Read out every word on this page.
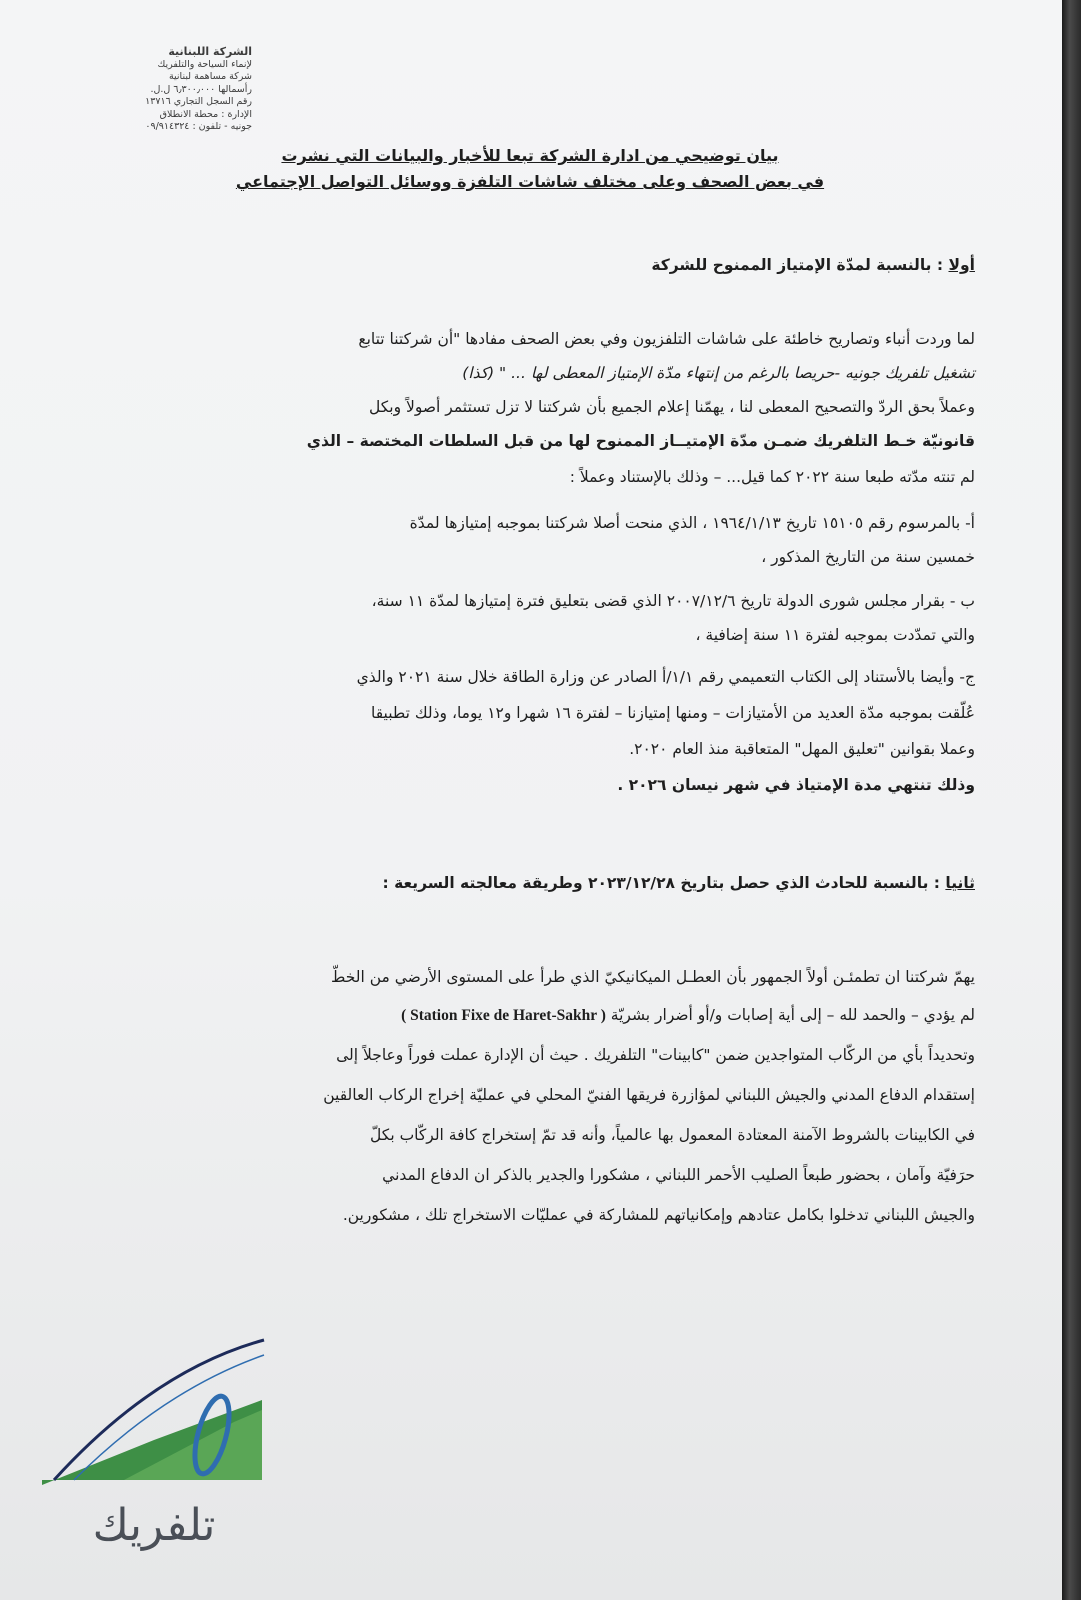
الشركة اللبنانية
لإنماء السياحة والتلفريك
شركة مساهمة لبنانية
رأسمالها ٦٫٣٠٠٫٠٠٠ ل.ل.
رقم السجل التجاري ١٣٧١٦
الإدارة : محطة الانطلاق
جونيه - تلفون : ٠٩/٩١٤٣٢٤
بيان توضيحي من ادارة الشركة تبعا للأخبار والبيانات التي نشرت
في بعض الصحف وعلى مختلف شاشات التلفزة ووسائل التواصل الإجتماعي
أولا : بالنسبة لمدّة الإمتياز الممنوح للشركة
لما وردت أنباء وتصاريح خاطئة على شاشات التلفزيون وفي بعض الصحف مفادها "أن شركتنا تتابع
تشغيل تلفريك جونيه -حريصا بالرغم من إنتهاء مدّة الإمتياز المعطى لها ... " (كذا)
وعملاً بحق الردّ والتصحيح المعطى لنا ، يهمّنا إعلام الجميع بأن شركتنا لا تزل تستثمر أصولاً وبكل
قانونيّة خـط التلفريك ضمـن مدّة الإمتيــاز الممنوح لها من قبل السلطات المختصة – الذي
لم تنته مدّته طبعا سنة ٢٠٢٢ كما قيل... – وذلك بالإستناد وعملاً :
أ- بالمرسوم رقم ١٥١٠٥ تاريخ ١٩٦٤/١/١٣ ، الذي منحت أصلا شركتنا بموجبه إمتيازها لمدّة
خمسين سنة من التاريخ المذكور ،
ب - بقرار مجلس شورى الدولة تاريخ ٢٠٠٧/١٢/٦ الذي قضى بتعليق فترة إمتيازها لمدّة ١١ سنة،
والتي تمدّدت بموجبه لفترة ١١ سنة إضافية ،
ج- وأيضا بالأستناد إلى الكتاب التعميمي رقم ١/١/أ الصادر عن وزارة الطاقة خلال سنة ٢٠٢١ والذي
عُلّقت بموجبه مدّة العديد من الأمتيازات – ومنها إمتيازنا – لفترة ١٦ شهرا و١٢ يوما، وذلك تطبيقا
وعملا بقوانين "تعليق المهل" المتعاقبة منذ العام ٢٠٢٠.
وذلك تنتهي مدة الإمتياذ في شهر نيسان ٢٠٢٦ .
ثانيا : بالنسبة للحادث الذي حصل بتاريخ ٢٠٢٣/١٢/٢٨ وطريقة معالجته السريعة :
يهمّ شركتنا ان تطمئـن أولاً الجمهور بأن العطـل الميكانيكيّ الذي طرأ على المستوى الأرضي من الخطّ
لم يؤدي – والحمد لله – إلى أية إصابات و/أو أضرار بشريّة ( Station Fixe de Haret-Sakhr )
وتحديداً بأي من الركّاب المتواجدين ضمن "كابينات" التلفريك . حيث أن الإدارة عملت فوراً وعاجلاً إلى
إستقدام الدفاع المدني والجيش اللبناني لمؤازرة فريقها الفنيّ المحلي في عمليّة إخراج الركاب العالقين
في الكابينات بالشروط الآمنة المعتادة المعمول بها عالمياً، وأنه قد تمّ إستخراج كافة الركّاب بكلّ
حرَفيّة وآمان ، بحضور طبعاً الصليب الأحمر اللبناني ، مشكورا والجدير بالذكر ان الدفاع المدني
والجيش اللبناني تدخلوا بكامل عتادهم وإمكانياتهم للمشاركة في عمليّات الاستخراج تلك ، مشكورين.
تلفريك
